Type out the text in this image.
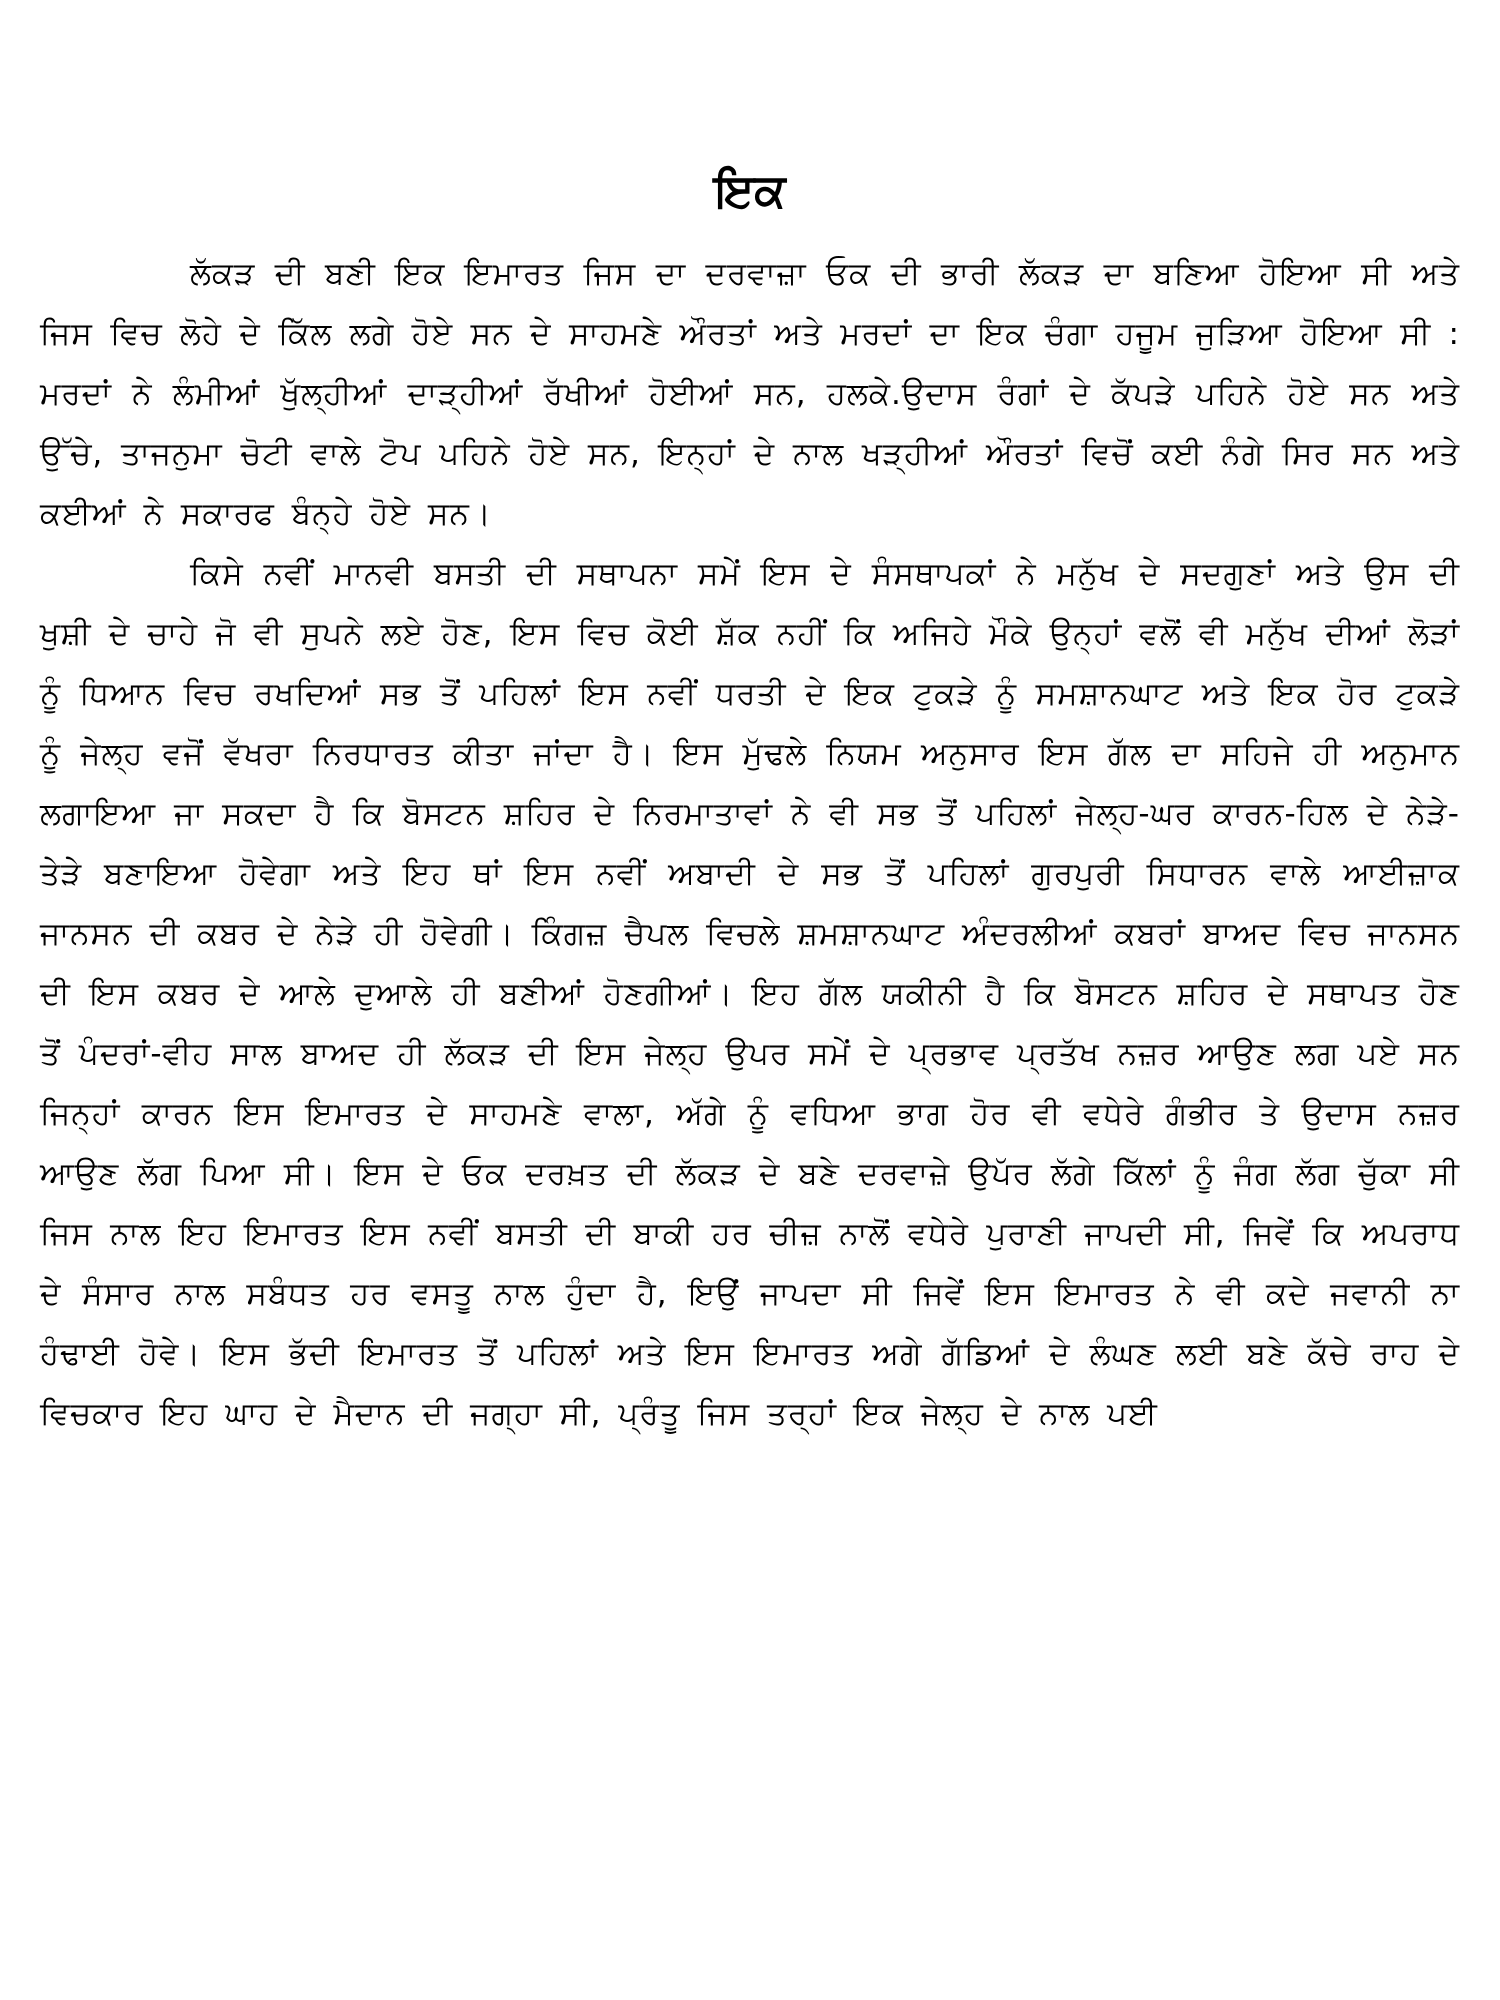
ਇਕ

ਲੱਕੜ ਦੀ ਬਣੀ ਇਕ ਇਮਾਰਤ ਜਿਸ ਦਾ ਦਰਵਾਜ਼ਾ ਓਕ ਦੀ ਭਾਰੀ ਲੱਕੜ ਦਾ ਬਣਿਆ ਹੋਇਆ ਸੀ ਅਤੇ ਜਿਸ ਵਿਚ ਲੋਹੇ ਦੇ ਕਿੱਲ ਲਗੇ ਹੋਏ ਸਨ ਦੇ ਸਾਹਮਣੇ ਔਰਤਾਂ ਅਤੇ ਮਰਦਾਂ ਦਾ ਇਕ ਚੰਗਾ ਹਜੂਮ ਜੁੜਿਆ ਹੋਇਆ ਸੀ : ਮਰਦਾਂ ਨੇ ਲੰਮੀਆਂ ਖੁੱਲ੍ਹੀਆਂ ਦਾੜ੍ਹੀਆਂ ਰੱਖੀਆਂ ਹੋਈਆਂ ਸਨ, ਹਲਕੇ.ਉਦਾਸ ਰੰਗਾਂ ਦੇ ਕੱਪੜੇ ਪਹਿਨੇ ਹੋਏ ਸਨ ਅਤੇ ਉੱਚੇ, ਤਾਜਨੁਮਾ ਚੋਟੀ ਵਾਲੇ ਟੋਪ ਪਹਿਨੇ ਹੋਏ ਸਨ, ਇਨ੍ਹਾਂ ਦੇ ਨਾਲ ਖੜ੍ਹੀਆਂ ਔਰਤਾਂ ਵਿਚੋਂ ਕਈ ਨੰਗੇ ਸਿਰ ਸਨ ਅਤੇ ਕਈਆਂ ਨੇ ਸਕਾਰਫ ਬੰਨ੍ਹੇ ਹੋਏ ਸਨ।

ਕਿਸੇ ਨਵੀਂ ਮਾਨਵੀ ਬਸਤੀ ਦੀ ਸਥਾਪਨਾ ਸਮੇਂ ਇਸ ਦੇ ਸੰਸਥਾਪਕਾਂ ਨੇ ਮਨੁੱਖ ਦੇ ਸਦਗੁਣਾਂ ਅਤੇ ਉਸ ਦੀ ਖੁਸ਼ੀ ਦੇ ਚਾਹੇ ਜੋ ਵੀ ਸੁਪਨੇ ਲਏ ਹੋਣ, ਇਸ ਵਿਚ ਕੋਈ ਸ਼ੱਕ ਨਹੀਂ ਕਿ ਅਜਿਹੇ ਮੌਕੇ ਉਨ੍ਹਾਂ ਵਲੋਂ ਵੀ ਮਨੁੱਖ ਦੀਆਂ ਲੋੜਾਂ ਨੂੰ ਧਿਆਨ ਵਿਚ ਰਖਦਿਆਂ ਸਭ ਤੋਂ ਪਹਿਲਾਂ ਇਸ ਨਵੀਂ ਧਰਤੀ ਦੇ ਇਕ ਟੁਕੜੇ ਨੂੰ ਸਮਸ਼ਾਨਘਾਟ ਅਤੇ ਇਕ ਹੋਰ ਟੁਕੜੇ ਨੂੰ ਜੇਲ੍ਹ ਵਜੋਂ ਵੱਖਰਾ ਨਿਰਧਾਰਤ ਕੀਤਾ ਜਾਂਦਾ ਹੈ। ਇਸ ਮੁੱਢਲੇ ਨਿਯਮ ਅਨੁਸਾਰ ਇਸ ਗੱਲ ਦਾ ਸਹਿਜੇ ਹੀ ਅਨੁਮਾਨ ਲਗਾਇਆ ਜਾ ਸਕਦਾ ਹੈ ਕਿ ਬੋਸਟਨ ਸ਼ਹਿਰ ਦੇ ਨਿਰਮਾਤਾਵਾਂ ਨੇ ਵੀ ਸਭ ਤੋਂ ਪਹਿਲਾਂ ਜੇਲ੍ਹ-ਘਰ ਕਾਰਨ-ਹਿਲ ਦੇ ਨੇੜੇ-ਤੇੜੇ ਬਣਾਇਆ ਹੋਵੇਗਾ ਅਤੇ ਇਹ ਥਾਂ ਇਸ ਨਵੀਂ ਅਬਾਦੀ ਦੇ ਸਭ ਤੋਂ ਪਹਿਲਾਂ ਗੁਰਪੁਰੀ ਸਿਧਾਰਨ ਵਾਲੇ ਆਈਜ਼ਾਕ ਜਾਨਸਨ ਦੀ ਕਬਰ ਦੇ ਨੇੜੇ ਹੀ ਹੋਵੇਗੀ। ਕਿੰਗਜ਼ ਚੈਪਲ ਵਿਚਲੇ ਸ਼ਮਸ਼ਾਨਘਾਟ ਅੰਦਰਲੀਆਂ ਕਬਰਾਂ ਬਾਅਦ ਵਿਚ ਜਾਨਸਨ ਦੀ ਇਸ ਕਬਰ ਦੇ ਆਲੇ ਦੁਆਲੇ ਹੀ ਬਣੀਆਂ ਹੋਣਗੀਆਂ। ਇਹ ਗੱਲ ਯਕੀਨੀ ਹੈ ਕਿ ਬੋਸਟਨ ਸ਼ਹਿਰ ਦੇ ਸਥਾਪਤ ਹੋਣ ਤੋਂ ਪੰਦਰਾਂ-ਵੀਹ ਸਾਲ ਬਾਅਦ ਹੀ ਲੱਕੜ ਦੀ ਇਸ ਜੇਲ੍ਹ ਉਪਰ ਸਮੇਂ ਦੇ ਪ੍ਰਭਾਵ ਪ੍ਰਤੱਖ ਨਜ਼ਰ ਆਉਣ ਲਗ ਪਏ ਸਨ ਜਿਨ੍ਹਾਂ ਕਾਰਨ ਇਸ ਇਮਾਰਤ ਦੇ ਸਾਹਮਣੇ ਵਾਲਾ, ਅੱਗੇ ਨੂੰ ਵਧਿਆ ਭਾਗ ਹੋਰ ਵੀ ਵਧੇਰੇ ਗੰਭੀਰ ਤੇ ਉਦਾਸ ਨਜ਼ਰ ਆਉਣ ਲੱਗ ਪਿਆ ਸੀ। ਇਸ ਦੇ ਓਕ ਦਰਖ਼ਤ ਦੀ ਲੱਕੜ ਦੇ ਬਣੇ ਦਰਵਾਜ਼ੇ ਉਪੱਰ ਲੱਗੇ ਕਿੱਲਾਂ ਨੂੰ ਜੰਗ ਲੱਗ ਚੁੱਕਾ ਸੀ ਜਿਸ ਨਾਲ ਇਹ ਇਮਾਰਤ ਇਸ ਨਵੀਂ ਬਸਤੀ ਦੀ ਬਾਕੀ ਹਰ ਚੀਜ਼ ਨਾਲੋਂ ਵਧੇਰੇ ਪੁਰਾਣੀ ਜਾਪਦੀ ਸੀ, ਜਿਵੇਂ ਕਿ ਅਪਰਾਧ ਦੇ ਸੰਸਾਰ ਨਾਲ ਸਬੰਧਤ ਹਰ ਵਸਤੂ ਨਾਲ ਹੁੰਦਾ ਹੈ, ਇਉਂ ਜਾਪਦਾ ਸੀ ਜਿਵੇਂ ਇਸ ਇਮਾਰਤ ਨੇ ਵੀ ਕਦੇ ਜਵਾਨੀ ਨਾ ਹੰਢਾਈ ਹੋਵੇ। ਇਸ ਭੱਦੀ ਇਮਾਰਤ ਤੋਂ ਪਹਿਲਾਂ ਅਤੇ ਇਸ ਇਮਾਰਤ ਅਗੇ ਗੱਡਿਆਂ ਦੇ ਲੰਘਣ ਲਈ ਬਣੇ ਕੱਚੇ ਰਾਹ ਦੇ ਵਿਚਕਾਰ ਇਹ ਘਾਹ ਦੇ ਮੈਦਾਨ ਦੀ ਜਗ੍ਹਾ ਸੀ, ਪ੍ਰੰਤੂ ਜਿਸ ਤਰ੍ਹਾਂ ਇਕ ਜੇਲ੍ਹ ਦੇ ਨਾਲ ਪਈ
